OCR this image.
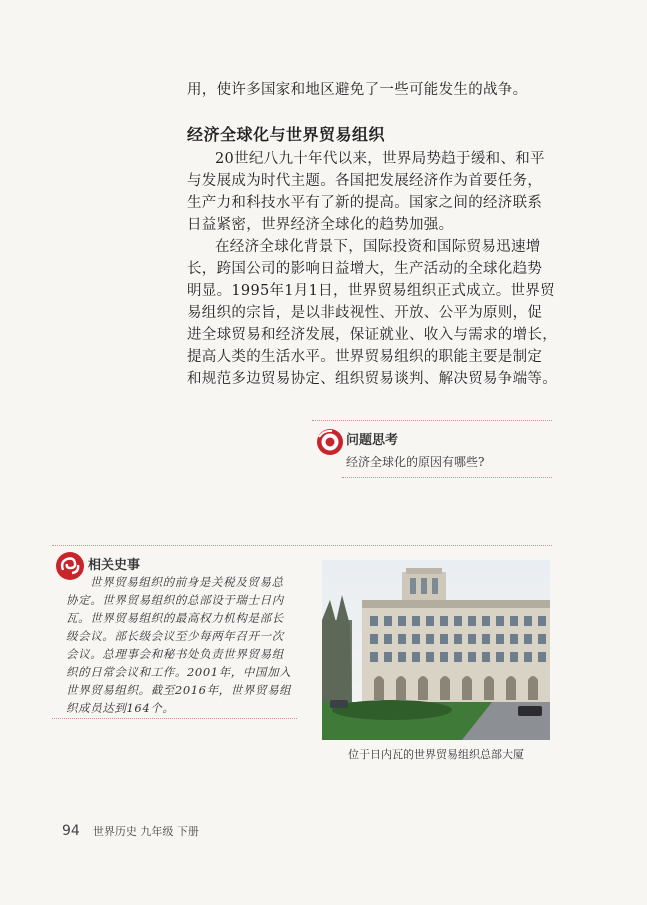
用，使许多国家和地区避免了一些可能发生的战争。
经济全球化与世界贸易组织
20世纪八九十年代以来，世界局势趋于缓和、和平
与发展成为时代主题。各国把发展经济作为首要任务，
生产力和科技水平有了新的提高。国家之间的经济联系
日益紧密，世界经济全球化的趋势加强。
在经济全球化背景下，国际投资和国际贸易迅速增
长，跨国公司的影响日益增大，生产活动的全球化趋势
明显。1995年1月1日，世界贸易组织正式成立。世界贸
易组织的宗旨，是以非歧视性、开放、公平为原则，促
进全球贸易和经济发展，保证就业、收入与需求的增长，
提高人类的生活水平。世界贸易组织的职能主要是制定
和规范多边贸易协定、组织贸易谈判、解决贸易争端等。
问题思考
经济全球化的原因有哪些?
相关史事
世界贸易组织的前身是关税及贸易总
协定。世界贸易组织的总部设于瑞士日内
瓦。世界贸易组织的最高权力机构是部长
级会议。部长级会议至少每两年召开一次
会议。总理事会和秘书处负责世界贸易组
织的日常会议和工作。2001年，中国加入
世界贸易组织。截至2016年，世界贸易组
织成员达到164个。
位于日内瓦的世界贸易组织总部大厦
94 世界历史 九年级 下册
